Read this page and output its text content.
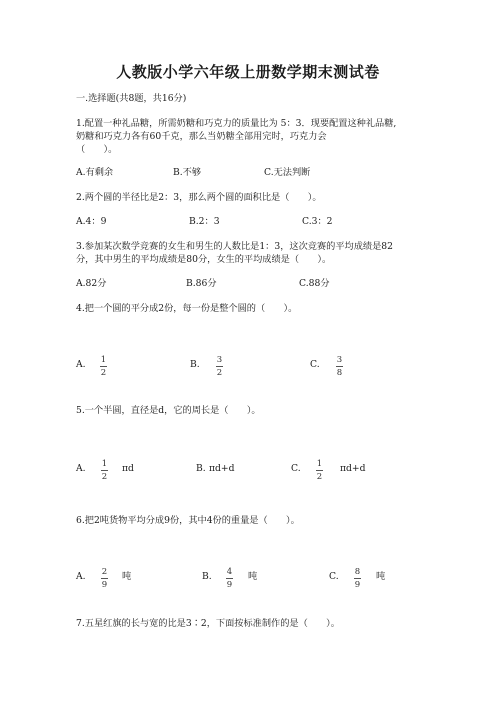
人教版小学六年级上册数学期末测试卷
一.选择题(共8题，共16分)
1.配置一种礼品糖，所需奶糖和巧克力的质量比为 5：3．现要配置这种礼品糖,
奶糖和巧克力各有60千克，那么当奶糖全部用完时，巧克力会
（　　）。
A.有剩余	B.不够	C.无法判断
2.两个圆的半径比是2：3，那么两个圆的面积比是（　　）。
A.4：9	B.2：3	C.3：2
3.参加某次数学竞赛的女生和男生的人数比是1：3，这次竞赛的平均成绩是82
分，其中男生的平均成绩是80分，女生的平均成绩是（　　）。
A.82分	B.86分	C.88分
4.把一个圆的平分成2份，每一份是整个圆的（　　）。
A. 1
2
B. 3
2
C. 3
8
5.一个半圆，直径是d，它的周长是（　　）。
A. 1
2
πd	B. πd+d	C. 1
2
πd+d
6.把2吨货物平均分成9份，其中4份的重量是（　　）。
A. 2
9
吨	B. 4
9
吨	C. 8
9
吨
7.五星红旗的长与宽的比是3∶2，下面按标准制作的是（　　）。
